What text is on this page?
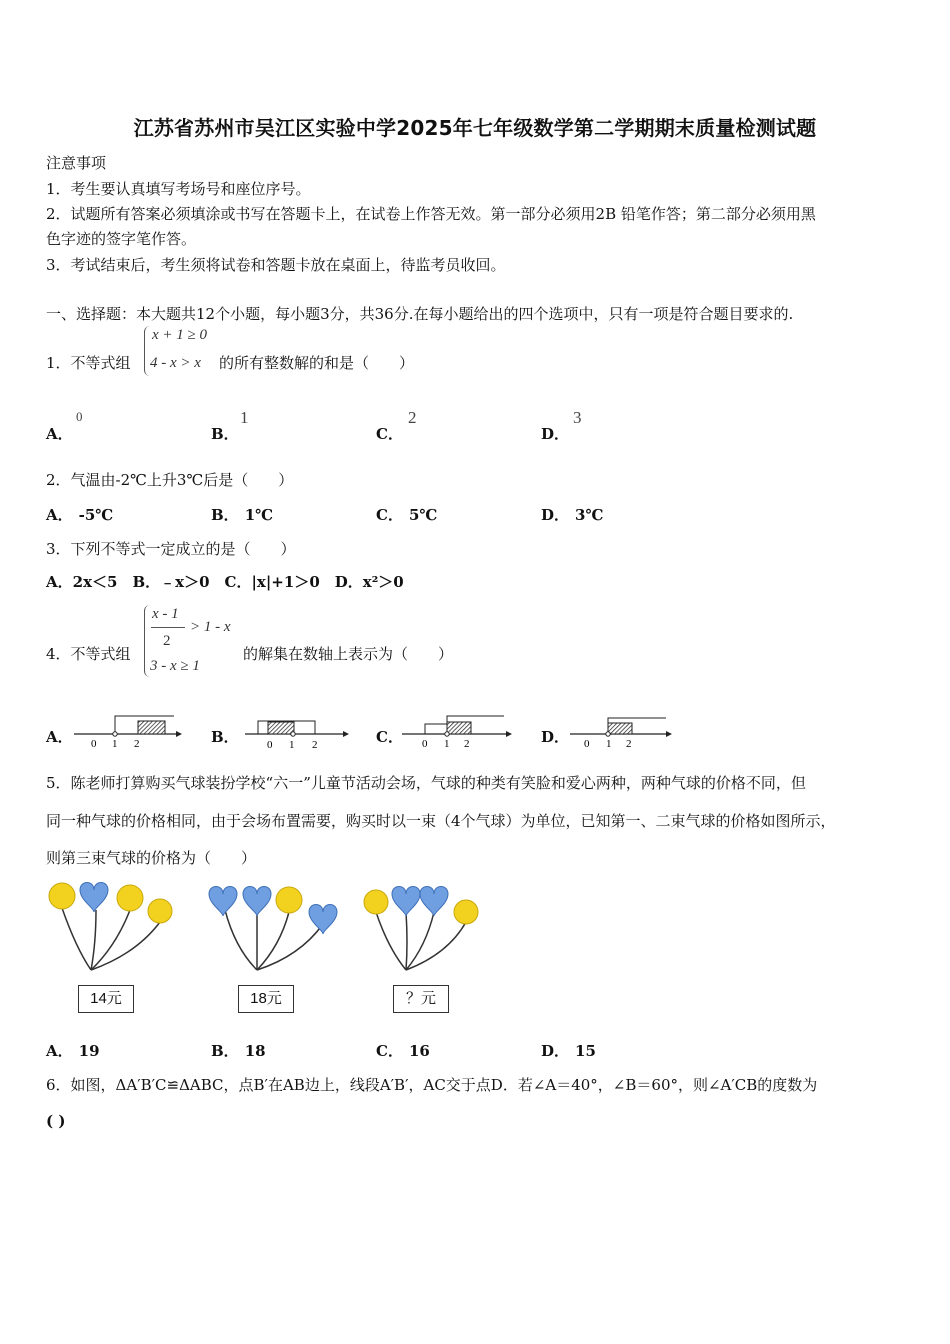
江苏省苏州市吴江区实验中学2025年七年级数学第二学期期末质量检测试题
注意事项
1．考生要认真填写考场号和座位序号。
2．试题所有答案必须填涂或书写在答题卡上，在试卷上作答无效。第一部分必须用2B 铅笔作答；第二部分必须用黑
色字迹的签字笔作答。
3．考试结束后，考生须将试卷和答题卡放在桌面上，待监考员收回。
一、选择题：本大题共12个小题，每小题3分，共36分.在每小题给出的四个选项中，只有一项是符合题目要求的.
1．不等式组
x + 1 ≥ 0
4 - x > x 的所有整数解的和是（　　）
A．
0
B．
1
C．
2
D．
3
2．气温由-2℃上升3℃后是（　　）
A． -5℃	B． 1℃	C． 5℃	D． 3℃
3．下列不等式一定成立的是（　　）
A．2x＜5　B．﹣x＞0　C．|x|+1＞0　D．x²＞0
4．不等式组
x - 1
2
> 1 - x
3 - x ≥ 1
的解集在数轴上表示为（　　）
A． 0 1 2	B．	0 1 2	C． 0 1 2	D． 0 1 2
5．陈老师打算购买气球装扮学校“六一”儿童节活动会场，气球的种类有笑脸和爱心两种，两种气球的价格不同，但
同一种气球的价格相同，由于会场布置需要，购买时以一束（4个气球）为单位，已知第一、二束气球的价格如图所示，
则第三束气球的价格为（　　）
14元	18元	？元
A． 19	B． 18	C． 16	D． 15
6．如图，ΔA′B′C≌ΔABC，点B′在AB边上，线段A′B′，AC交于点D．若∠A＝40°，∠B＝60°，则∠A′CB的度数为
( )
